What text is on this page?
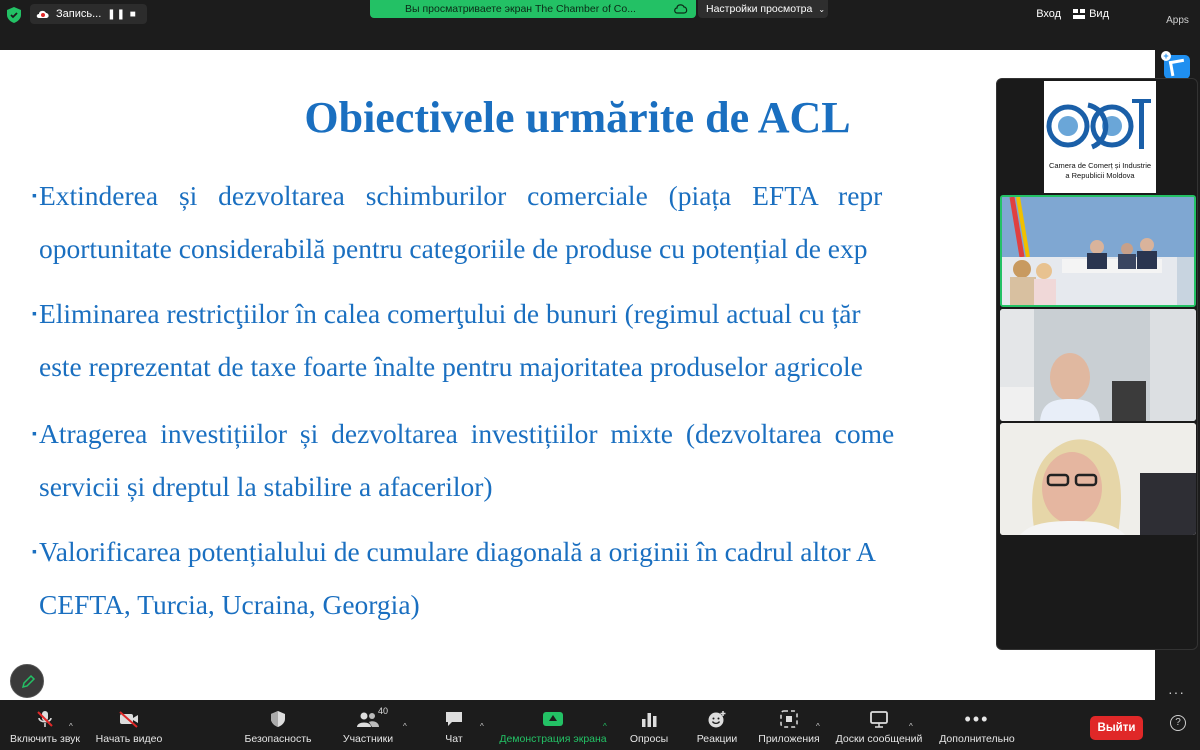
Запись... ❚❚ ■	Вы просматриваете экран The Chamber of Co...	Настройки просмотра ⌄	Вход	Вид
Apps
+
···
?
Obiectivele urmărite de ACL
▪Extinderea și dezvoltarea schimburilor comerciale (piața EFTA repr
oportunitate considerabilă pentru categoriile de produse cu potențial de exp
▪Eliminarea restricţiilor în calea comerţului de bunuri (regimul actual cu țăr
este reprezentat de taxe foarte înalte pentru majoritatea produselor agricole
▪Atragerea investițiilor și dezvoltarea investițiilor mixte (dezvoltarea come
servicii și dreptul la stabilire a afacerilor)
▪Valorificarea potențialului de cumulare diagonală a originii în cadrul altor A
CEFTA, Turcia, Ucraina, Georgia)
Camera de Comerț și Industrie
a Republicii Moldova
^
Включить звук Начать видео	Безопасность
40
^
Участники
^
Чат
^
Демонстрация экрана Опросы	Реакции
^
Приложения
^
Доски сообщений
•••
Дополнительно
Выйти
